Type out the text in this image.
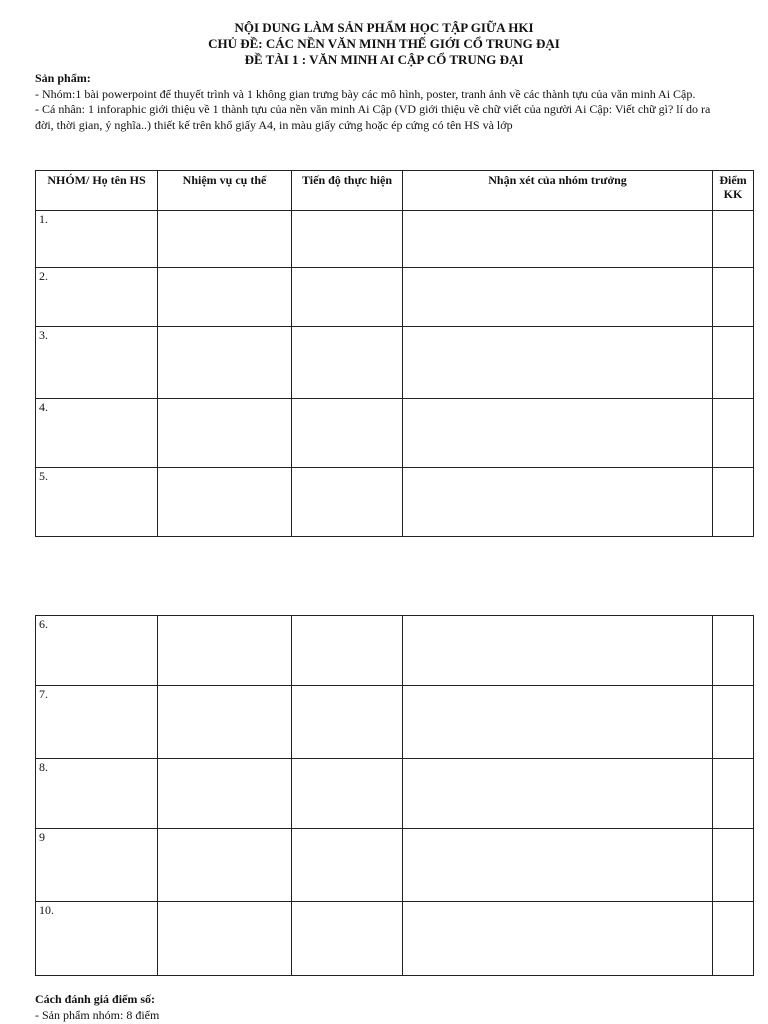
NỘI DUNG LÀM SẢN PHẨM HỌC TẬP GIỮA HKI
CHỦ ĐỀ: CÁC NỀN VĂN MINH THẾ GIỚI CỔ TRUNG ĐẠI
ĐỀ TÀI 1 : VĂN MINH AI CẬP CỔ TRUNG ĐẠI
Sản phẩm:
- Nhóm:1 bài powerpoint để thuyết trình và 1 không gian trưng bày các mô hình, poster, tranh ảnh về các thành tựu của văn minh Ai Cập.
- Cá nhân: 1 inforaphic giới thiệu về 1 thành tựu của nền văn minh Ai Cập (VD giới thiệu về chữ viết của người Ai Cập: Viết chữ gì? lí do ra đời, thời gian, ý nghĩa..) thiết kế trên khổ giấy A4, in màu giấy cứng hoặc ép cứng có tên HS và lớp
NHÓM/ Họ tên HS	Nhiệm vụ cụ thể	Tiến độ thực hiện	Nhận xét của nhóm trưởng	Điểm KK
1.				
2.				
3.				
4.				
5.				
6.				
7.				
8.				
9				
10.				
Cách đánh giá điểm số:
- Sản phẩm nhóm: 8 điểm
